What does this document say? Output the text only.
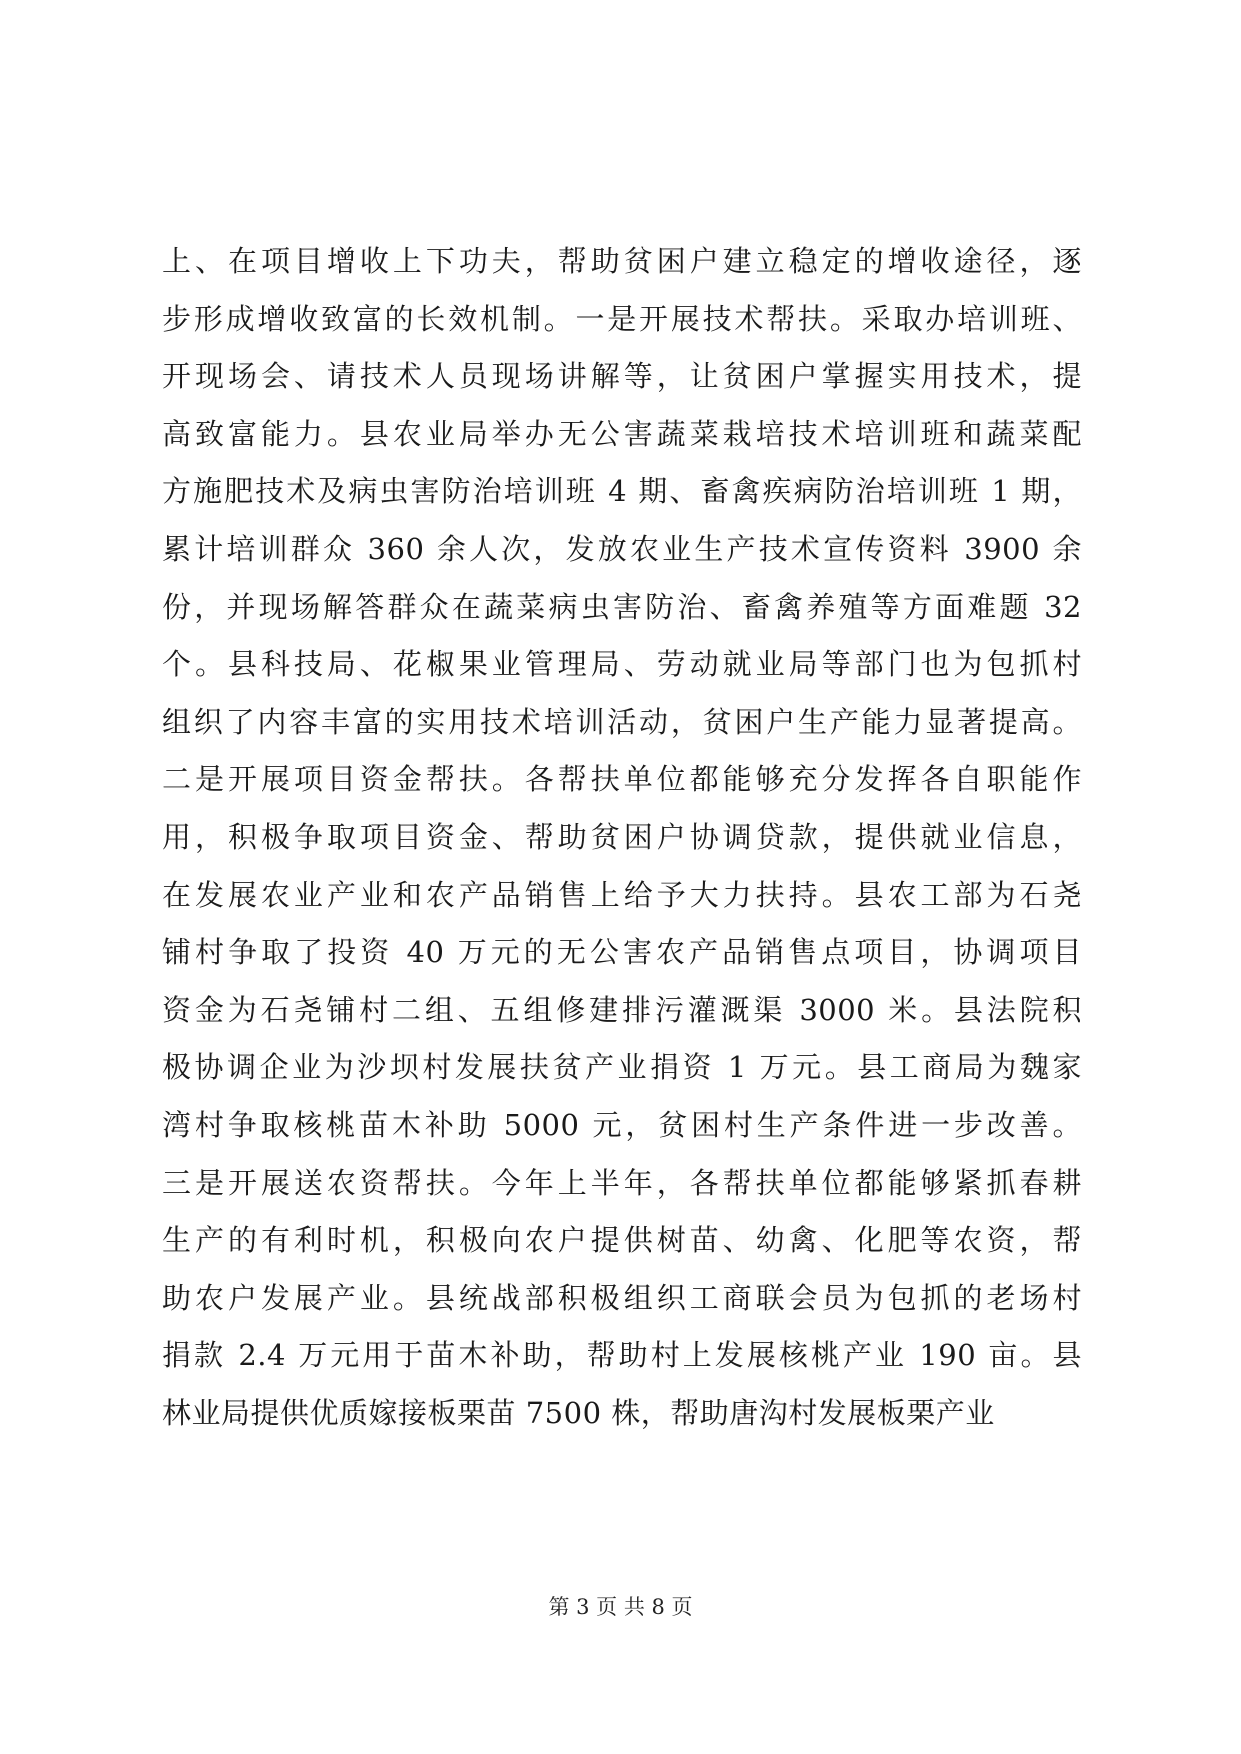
上、在项目增收上下功夫，帮助贫困户建立稳定的增收途径，逐
步形成增收致富的长效机制。一是开展技术帮扶。采取办培训班、
开现场会、请技术人员现场讲解等，让贫困户掌握实用技术，提
高致富能力。县农业局举办无公害蔬菜栽培技术培训班和蔬菜配
方施肥技术及病虫害防治培训班 4 期、畜禽疾病防治培训班 1 期，
累计培训群众 360 余人次，发放农业生产技术宣传资料 3900 余
份，并现场解答群众在蔬菜病虫害防治、畜禽养殖等方面难题 32
个。县科技局、花椒果业管理局、劳动就业局等部门也为包抓村
组织了内容丰富的实用技术培训活动，贫困户生产能力显著提高。
二是开展项目资金帮扶。各帮扶单位都能够充分发挥各自职能作
用，积极争取项目资金、帮助贫困户协调贷款，提供就业信息，
在发展农业产业和农产品销售上给予大力扶持。县农工部为石尧
铺村争取了投资 40 万元的无公害农产品销售点项目，协调项目
资金为石尧铺村二组、五组修建排污灌溉渠 3000 米。县法院积
极协调企业为沙坝村发展扶贫产业捐资 1 万元。县工商局为魏家
湾村争取核桃苗木补助 5000 元，贫困村生产条件进一步改善。
三是开展送农资帮扶。今年上半年，各帮扶单位都能够紧抓春耕
生产的有利时机，积极向农户提供树苗、幼禽、化肥等农资，帮
助农户发展产业。县统战部积极组织工商联会员为包抓的老场村
捐款 2.4 万元用于苗木补助，帮助村上发展核桃产业 190 亩。县
林业局提供优质嫁接板栗苗 7500 株，帮助唐沟村发展板栗产业
第 3 页 共 8 页
